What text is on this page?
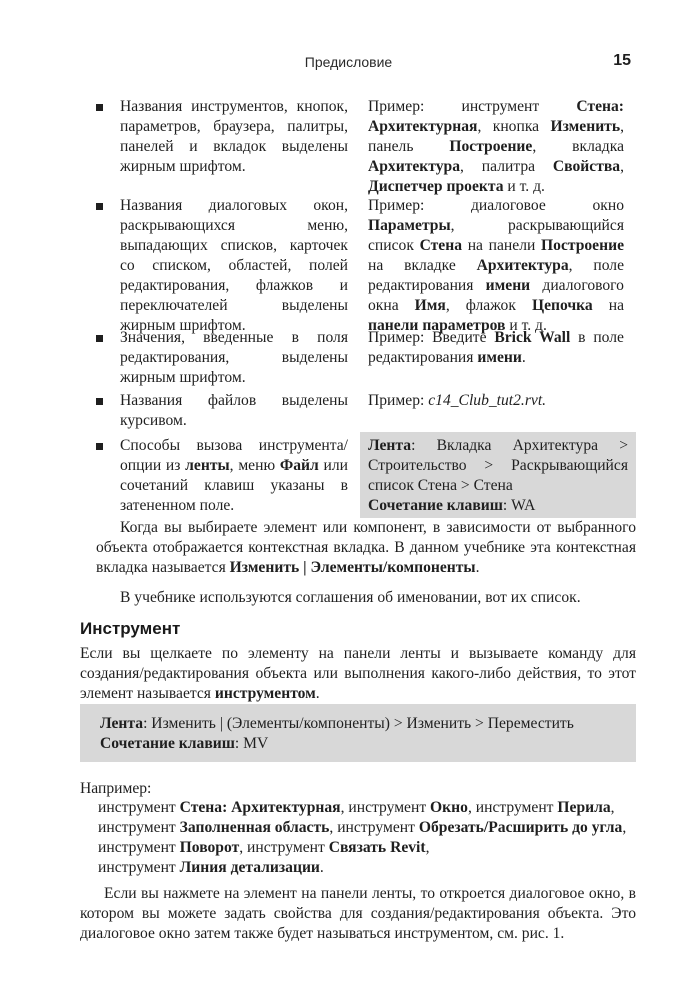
Предисловие	15
Названия инструментов, кнопок, параметров, браузера, палитры, панелей и вкладок выделены жирным шрифтом.
Пример: инструмент Стена: Архитектурная, кнопка Изменить, панель Построение, вкладка Архитектура, палитра Свойства, Диспетчер проекта и т. д.
Названия диалоговых окон, раскрывающихся меню, выпадающих списков, карточек со списком, областей, полей редактирования, флажков и переключателей выделены жирным шрифтом.
Пример: диалоговое окно Параметры, раскрывающийся список Стена на панели Построение на вкладке Архитектура, поле редактирования имени диалогового окна Имя, флажок Цепочка на панели параметров и т. д.
Значения, введенные в поля редактирования, выделены жирным шрифтом.
Пример: Введите Brick Wall в поле редактирования имени.
Названия файлов выделены курсивом.
Пример: c14_Club_tut2.rvt.
Способы вызова инструмента/опции из ленты, меню Файл или сочетаний клавиш указаны в затененном поле.
Лента: Вкладка Архитектура > Строительство > Раскрывающийся список Стена > Стена
Сочетание клавиш: WA
Когда вы выбираете элемент или компонент, в зависимости от выбранного объекта отображается контекстная вкладка. В данном учебнике эта контекстная вкладка называется Изменить | Элементы/компоненты.
В учебнике используются соглашения об именовании, вот их список.
Инструмент
Если вы щелкаете по элементу на панели ленты и вызываете команду для создания/редактирования объекта или выполнения какого-либо действия, то этот элемент называется инструментом.
Лента: Изменить | (Элементы/компоненты) > Изменить > Переместить
Сочетание клавиш: MV
Например:
инструмент Стена: Архитектурная, инструмент Окно, инструмент Перила,
инструмент Заполненная область, инструмент Обрезать/Расширить до угла,
инструмент Поворот, инструмент Связать Revit,
инструмент Линия детализации.
Если вы нажмете на элемент на панели ленты, то откроется диалоговое окно, в котором вы можете задать свойства для создания/редактирования объекта. Это диалоговое окно затем также будет называться инструментом, см. рис. 1.
